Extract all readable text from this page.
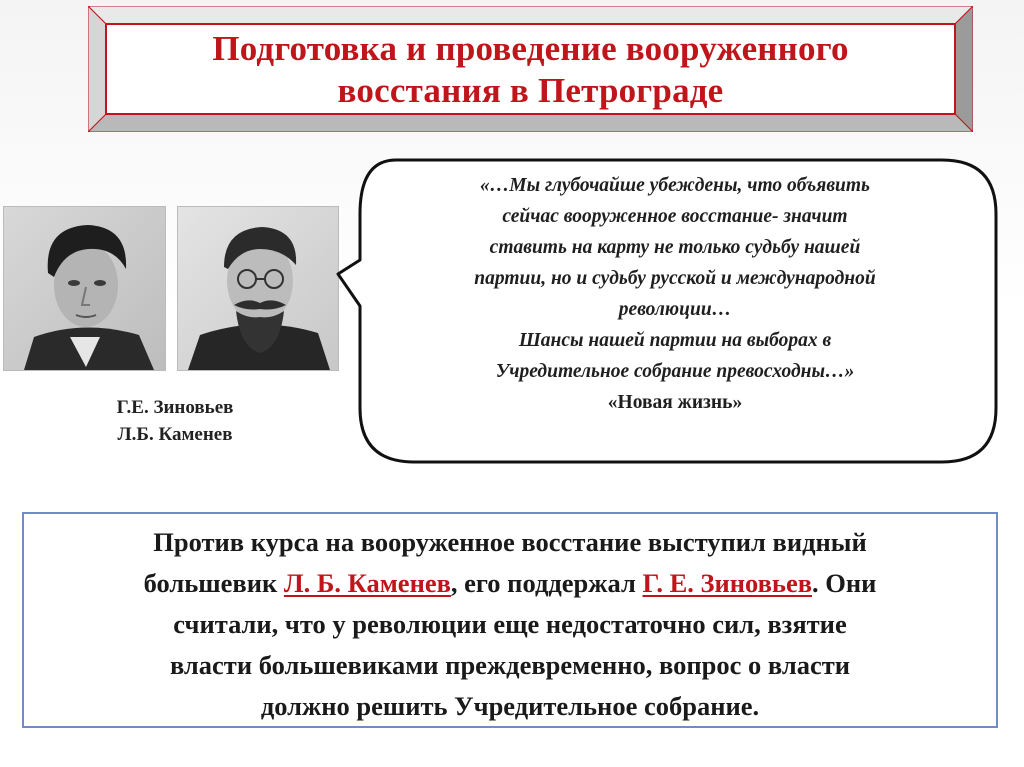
Подготовка и проведение вооруженного
восстания в Петрограде
Г.Е. Зиновьев
Л.Б. Каменев
«…Мы глубочайше убеждены, что объявить
сейчас вооруженное восстание- значит
ставить на карту не только судьбу нашей
партии, но и судьбу русской и международной
революции…
Шансы нашей партии на выборах в
Учредительное собрание превосходны…»
«Новая жизнь»
Против курса на вооруженное восстание выступил видный
большевик Л. Б. Каменев, его поддержал Г. Е. Зиновьев. Они
считали, что у революции еще недостаточно сил, взятие
власти большевиками преждевременно, вопрос о власти
должно решить Учредительное собрание.
